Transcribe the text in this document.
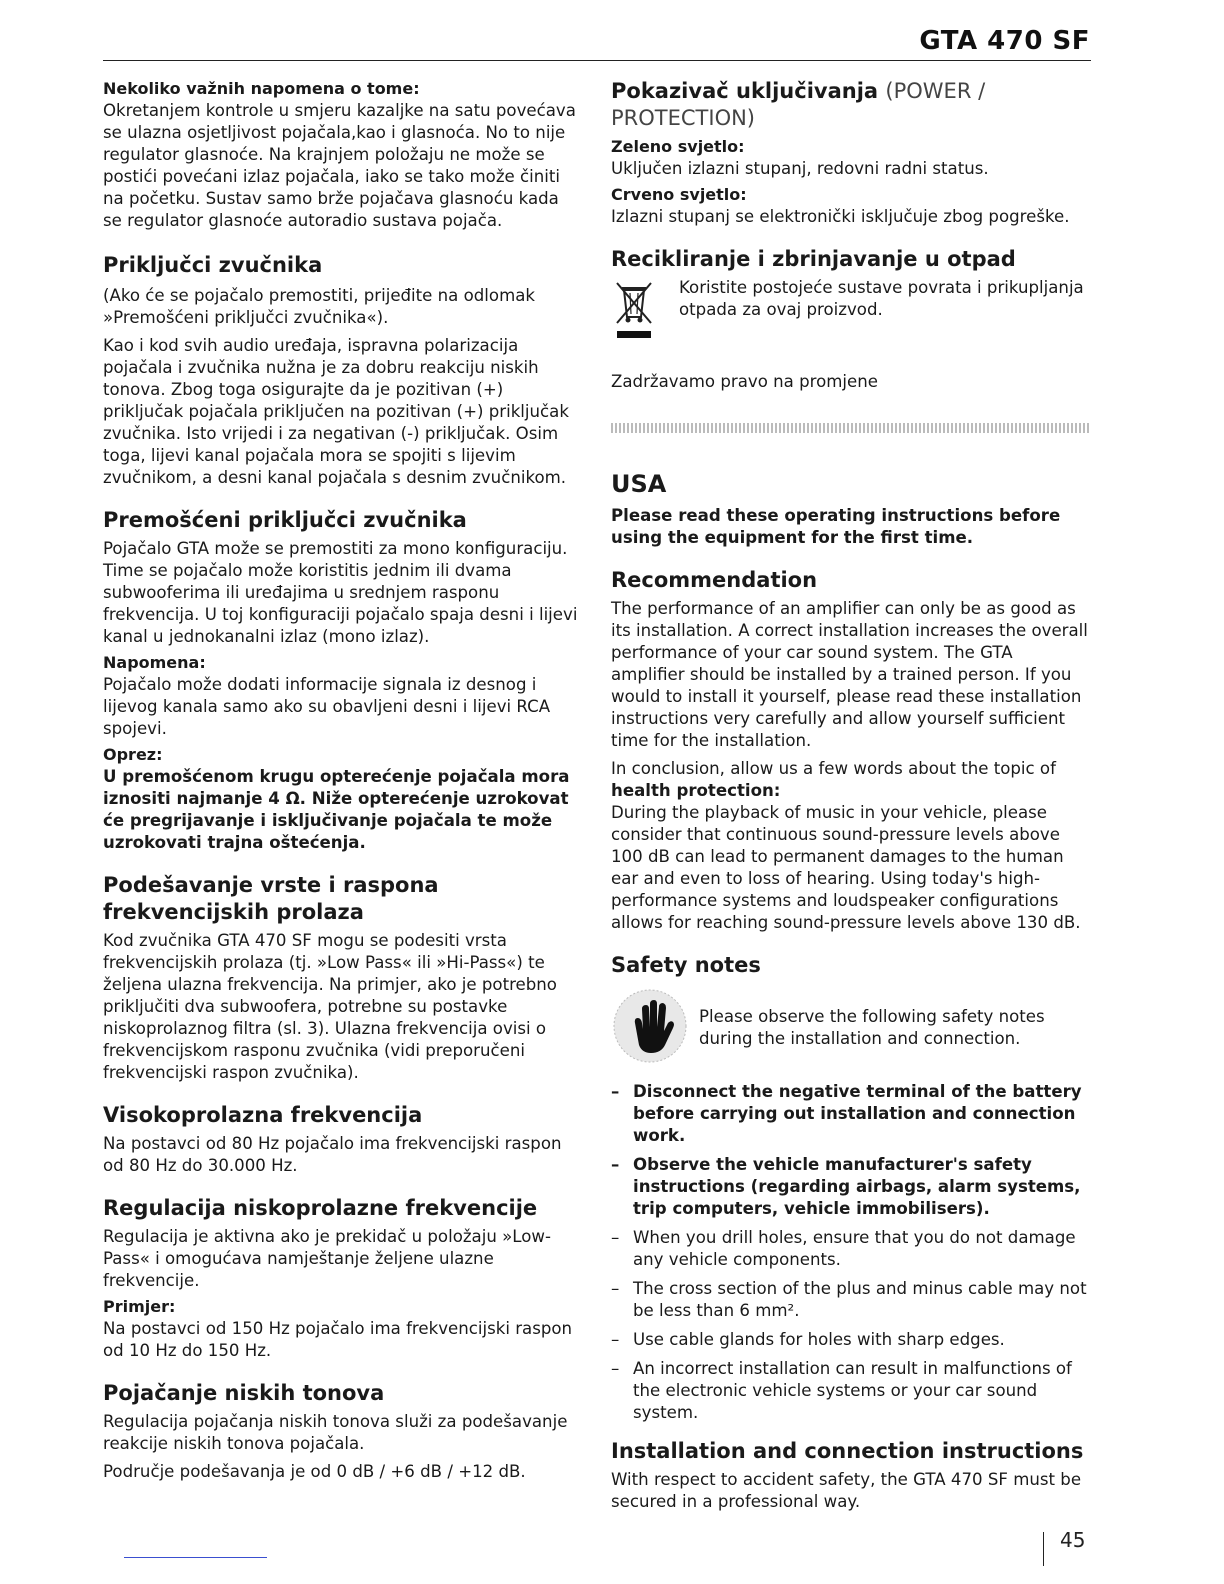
GTA 470 SF

Nekoliko važnih napomena o tome:

Okretanjem kontrole u smjeru kazaljke na satu povećava se ulazna osjetljivost pojačala,kao i glasnoća. No to nije regulator glasnoće. Na krajnjem položaju ne može se postići povećani izlaz pojačala, iako se tako može činiti na početku. Sustav samo brže pojačava glasnoću kada se regulator glasnoće autoradio sustava pojača.

Priključci zvučnika

(Ako će se pojačalo premostiti, prijeđite na odlomak »Premošćeni priključci zvučnika«).

Kao i kod svih audio uređaja, ispravna polarizacija pojačala i zvučnika nužna je za dobru reakciju niskih tonova. Zbog toga osigurajte da je pozitivan (+) priključak pojačala priključen na pozitivan (+) priključak zvučnika. Isto vrijedi i za negativan (-) priključak. Osim toga, lijevi kanal pojačala mora se spojiti s lijevim zvučnikom, a desni kanal pojačala s desnim zvučnikom.

Premošćeni priključci zvučnika

Pojačalo GTA može se premostiti za mono konfiguraciju. Time se pojačalo može koristitis jednim ili dvama subwooferima ili uređajima u srednjem rasponu frekvencija. U toj konfiguraciji pojačalo spaja desni i lijevi kanal u jednokanalni izlaz (mono izlaz).

Napomena:

Pojačalo može dodati informacije signala iz desnog i lijevog kanala samo ako su obavljeni desni i lijevi RCA spojevi.

Oprez:

U premošćenom krugu opterećenje pojačala mora iznositi najmanje 4 Ω. Niže opterećenje uzrokovat će pregrijavanje i isključivanje pojačala te može uzrokovati trajna oštećenja.

Podešavanje vrste i raspona frekvencijskih prolaza

Kod zvučnika GTA 470 SF mogu se podesiti vrsta frekvencijskih prolaza (tj. »Low Pass« ili »Hi-Pass«) te željena ulazna frekvencija. Na primjer, ako je potrebno priključiti dva subwoofera, potrebne su postavke niskoprolaznog filtra (sl. 3). Ulazna frekvencija ovisi o frekvencijskom rasponu zvučnika (vidi preporučeni frekvencijski raspon zvučnika).

Visokoprolazna frekvencija

Na postavci od 80 Hz pojačalo ima frekvencijski raspon od 80 Hz do 30.000 Hz.

Regulacija niskoprolazne frekvencije

Regulacija je aktivna ako je prekidač u položaju »Low-Pass« i omogućava namještanje željene ulazne frekvencije.

Primjer:

Na postavci od 150 Hz pojačalo ima frekvencijski raspon od 10 Hz do 150 Hz.

Pojačanje niskih tonova

Regulacija pojačanja niskih tonova služi za podešavanje reakcije niskih tonova pojačala.

Područje podešavanja je od 0 dB / +6 dB / +12 dB.

Pokazivač uključivanja (POWER / PROTECTION)

Zeleno svjetlo:

Uključen izlazni stupanj, redovni radni status.

Crveno svjetlo:

Izlazni stupanj se elektronički isključuje zbog pogreške.

Recikliranje i zbrinjavanje u otpad

Koristite postojeće sustave povrata i prikupljanja otpada za ovaj proizvod.

Zadržavamo pravo na promjene

USA

Please read these operating instructions before using the equipment for the first time.

Recommendation

The performance of an amplifier can only be as good as its installation. A correct installation increases the overall performance of your car sound system. The GTA amplifier should be installed by a trained person. If you would to install it yourself, please read these installation instructions very carefully and allow yourself sufficient time for the installation.

In conclusion, allow us a few words about the topic of health protection:

During the playback of music in your vehicle, please consider that continuous sound-pressure levels above 100 dB can lead to permanent damages to the human ear and even to loss of hearing. Using today's high-performance systems and loudspeaker configurations allows for reaching sound-pressure levels above 130 dB.

Safety notes

Please observe the following safety notes during the installation and connection.

– Disconnect the negative terminal of the battery before carrying out installation and connection work.
– Observe the vehicle manufacturer's safety instructions (regarding airbags, alarm systems, trip computers, vehicle immobilisers).
– When you drill holes, ensure that you do not damage any vehicle components.
– The cross section of the plus and minus cable may not be less than 6 mm².
– Use cable glands for holes with sharp edges.
– An incorrect installation can result in malfunctions of the electronic vehicle systems or your car sound system.
Installation and connection instructions

With respect to accident safety, the GTA 470 SF must be secured in a professional way.

45
